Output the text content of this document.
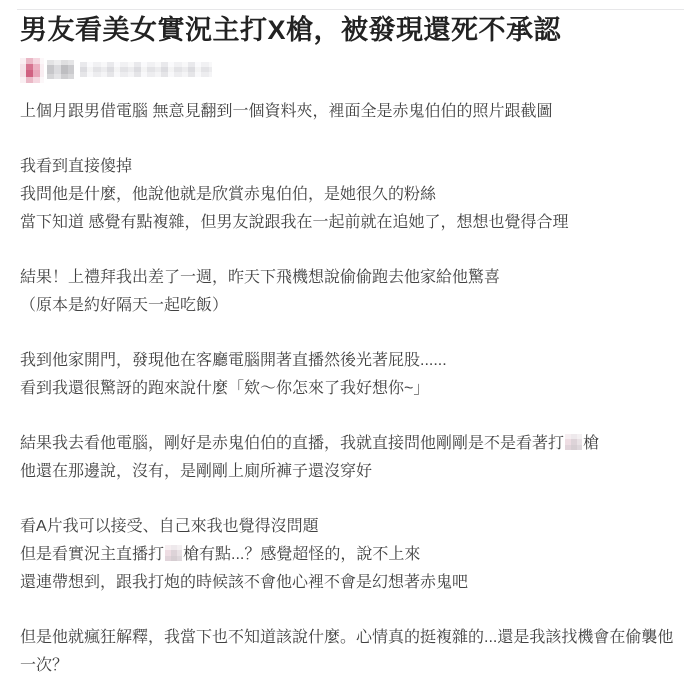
男友看美女實況主打X槍，被發現還死不承認

上個月跟男借電腦 無意見翻到一個資料夾，裡面全是赤鬼伯伯的照片跟截圖

我看到直接傻掉

我問他是什麼，他說他就是欣賞赤鬼伯伯，是她很久的粉絲

當下知道 感覺有點複雜，但男友說跟我在一起前就在追她了，想想也覺得合理

結果！上禮拜我出差了一週，昨天下飛機想說偷偷跑去他家給他驚喜

（原本是約好隔天一起吃飯）

我到他家開門，發現他在客廳電腦開著直播然後光著屁股......

看到我還很驚訝的跑來說什麼「欸～你怎來了我好想你~」

結果我去看他電腦，剛好是赤鬼伯伯的直播，我就直接問他剛剛是不是看著打 槍

他還在那邊說，沒有，是剛剛上廁所褲子還沒穿好

看A片我可以接受、自己來我也覺得沒問題

但是看實況主直播打 槍有點...？感覺超怪的，說不上來

還連帶想到，跟我打炮的時候該不會他心裡不會是幻想著赤鬼吧

但是他就瘋狂解釋，我當下也不知道該說什麼。心情真的挺複雜的...還是我該找機會在偷襲他一次？
